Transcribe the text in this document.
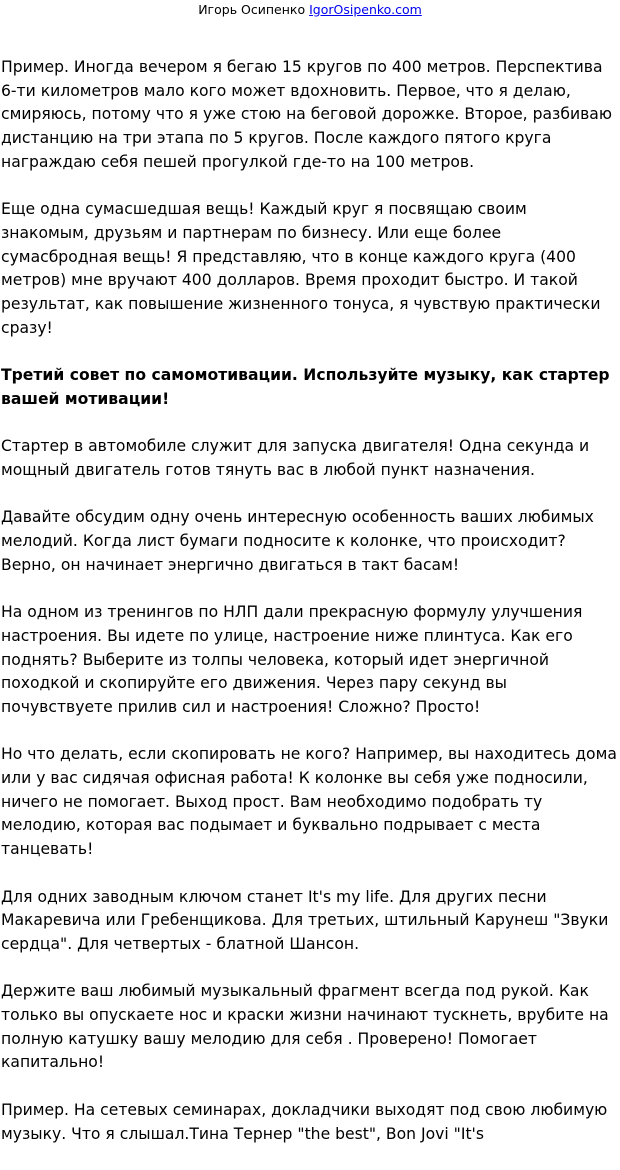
Игорь Осипенко IgorOsipenko.com

Пример. Иногда вечером я бегаю 15 кругов по 400 метров. Перспектива 6-ти километров мало кого может вдохновить. Первое, что я делаю, смиряюсь, потому что я уже стою на беговой дорожке. Второе, разбиваю дистанцию на три этапа по 5 кругов. После каждого пятого круга награждаю себя пешей прогулкой где-то на 100 метров.

Еще одна сумасшедшая вещь! Каждый круг я посвящаю своим знакомым, друзьям и партнерам по бизнесу. Или еще более сумасбродная вещь! Я представляю, что в конце каждого круга (400 метров) мне вручают 400 долларов. Время проходит быстро. И такой результат, как повышение жизненного тонуса, я чувствую практически сразу!

Третий совет по самомотивации. Используйте музыку, как стартер вашей мотивации!

Стартер в автомобиле служит для запуска двигателя! Одна секунда и мощный двигатель готов тянуть вас в любой пункт назначения.

Давайте обсудим одну очень интересную особенность ваших любимых мелодий. Когда лист бумаги подносите к колонке, что происходит? Верно, он начинает энергично двигаться в такт басам!

На одном из тренингов по НЛП дали прекрасную формулу улучшения настроения. Вы идете по улице, настроение ниже плинтуса. Как его поднять? Выберите из толпы человека, который идет энергичной походкой и скопируйте его движения. Через пару секунд вы почувствуете прилив сил и настроения! Сложно? Просто!

Но что делать, если скопировать не кого? Например, вы находитесь дома или у вас сидячая офисная работа! К колонке вы себя уже подносили, ничего не помогает. Выход прост. Вам необходимо подобрать ту мелодию, которая вас подымает и буквально подрывает с места танцевать!

Для одних заводным ключом станет It's my life. Для других песни Макаревича или Гребенщикова. Для третьих, штильный Карунеш "Звуки сердца". Для четвертых - блатной Шансон.

Держите ваш любимый музыкальный фрагмент всегда под рукой. Как только вы опускаете нос и краски жизни начинают тускнеть, врубите на полную катушку вашу мелодию для себя . Проверено! Помогает капитально!

Пример. На сетевых семинарах, докладчики выходят под свою любимую музыку. Что я слышал.Тина Тернер "the best", Bon Jovi "It's
